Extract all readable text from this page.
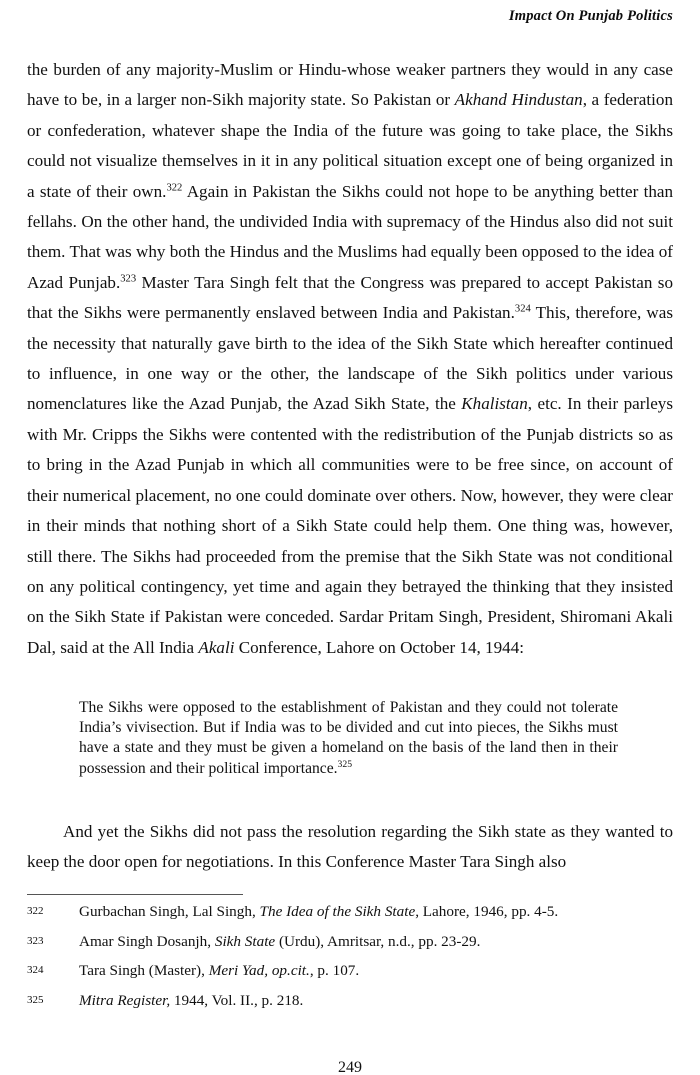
Impact On Punjab Politics

the burden of any majority-Muslim or Hindu-whose weaker partners they would in any case have to be, in a larger non-Sikh majority state. So Pakistan or Akhand Hindustan, a federation or confederation, whatever shape the India of the future was going to take place, the Sikhs could not visualize themselves in it in any political situation except one of being organized in a state of their own.$^{322}$ Again in Pakistan the Sikhs could not hope to be anything better than fellahs. On the other hand, the undivided India with supremacy of the Hindus also did not suit them. That was why both the Hindus and the Muslims had equally been opposed to the idea of Azad Punjab.$^{323}$ Master Tara Singh felt that the Congress was prepared to accept Pakistan so that the Sikhs were permanently enslaved between India and Pakistan.$^{324}$ This, therefore, was the necessity that naturally gave birth to the idea of the Sikh State which hereafter continued to influence, in one way or the other, the landscape of the Sikh politics under various nomenclatures like the Azad Punjab, the Azad Sikh State, the Khalistan, etc. In their parleys with Mr. Cripps the Sikhs were contented with the redistribution of the Punjab districts so as to bring in the Azad Punjab in which all communities were to be free since, on account of their numerical placement, no one could dominate over others. Now, however, they were clear in their minds that nothing short of a Sikh State could help them. One thing was, however, still there. The Sikhs had proceeded from the premise that the Sikh State was not conditional on any political contingency, yet time and again they betrayed the thinking that they insisted on the Sikh State if Pakistan were conceded. Sardar Pritam Singh, President, Shiromani Akali Dal, said at the All India Akali Conference, Lahore on October 14, 1944:

The Sikhs were opposed to the establishment of Pakistan and they could not tolerate India’s vivisection. But if India was to be divided and cut into pieces, the Sikhs must have a state and they must be given a homeland on the basis of the land then in their possession and their political importance.$^{325}$

And yet the Sikhs did not pass the resolution regarding the Sikh state as they wanted to keep the door open for negotiations. In this Conference Master Tara Singh also

322	Gurbachan Singh, Lal Singh, The Idea of the Sikh State, Lahore, 1946, pp. 4-5.
323	Amar Singh Dosanjh, Sikh State (Urdu), Amritsar, n.d., pp. 23-29.
324	Tara Singh (Master), Meri Yad, op.cit., p. 107.
325	Mitra Register, 1944, Vol. II., p. 218.
249
